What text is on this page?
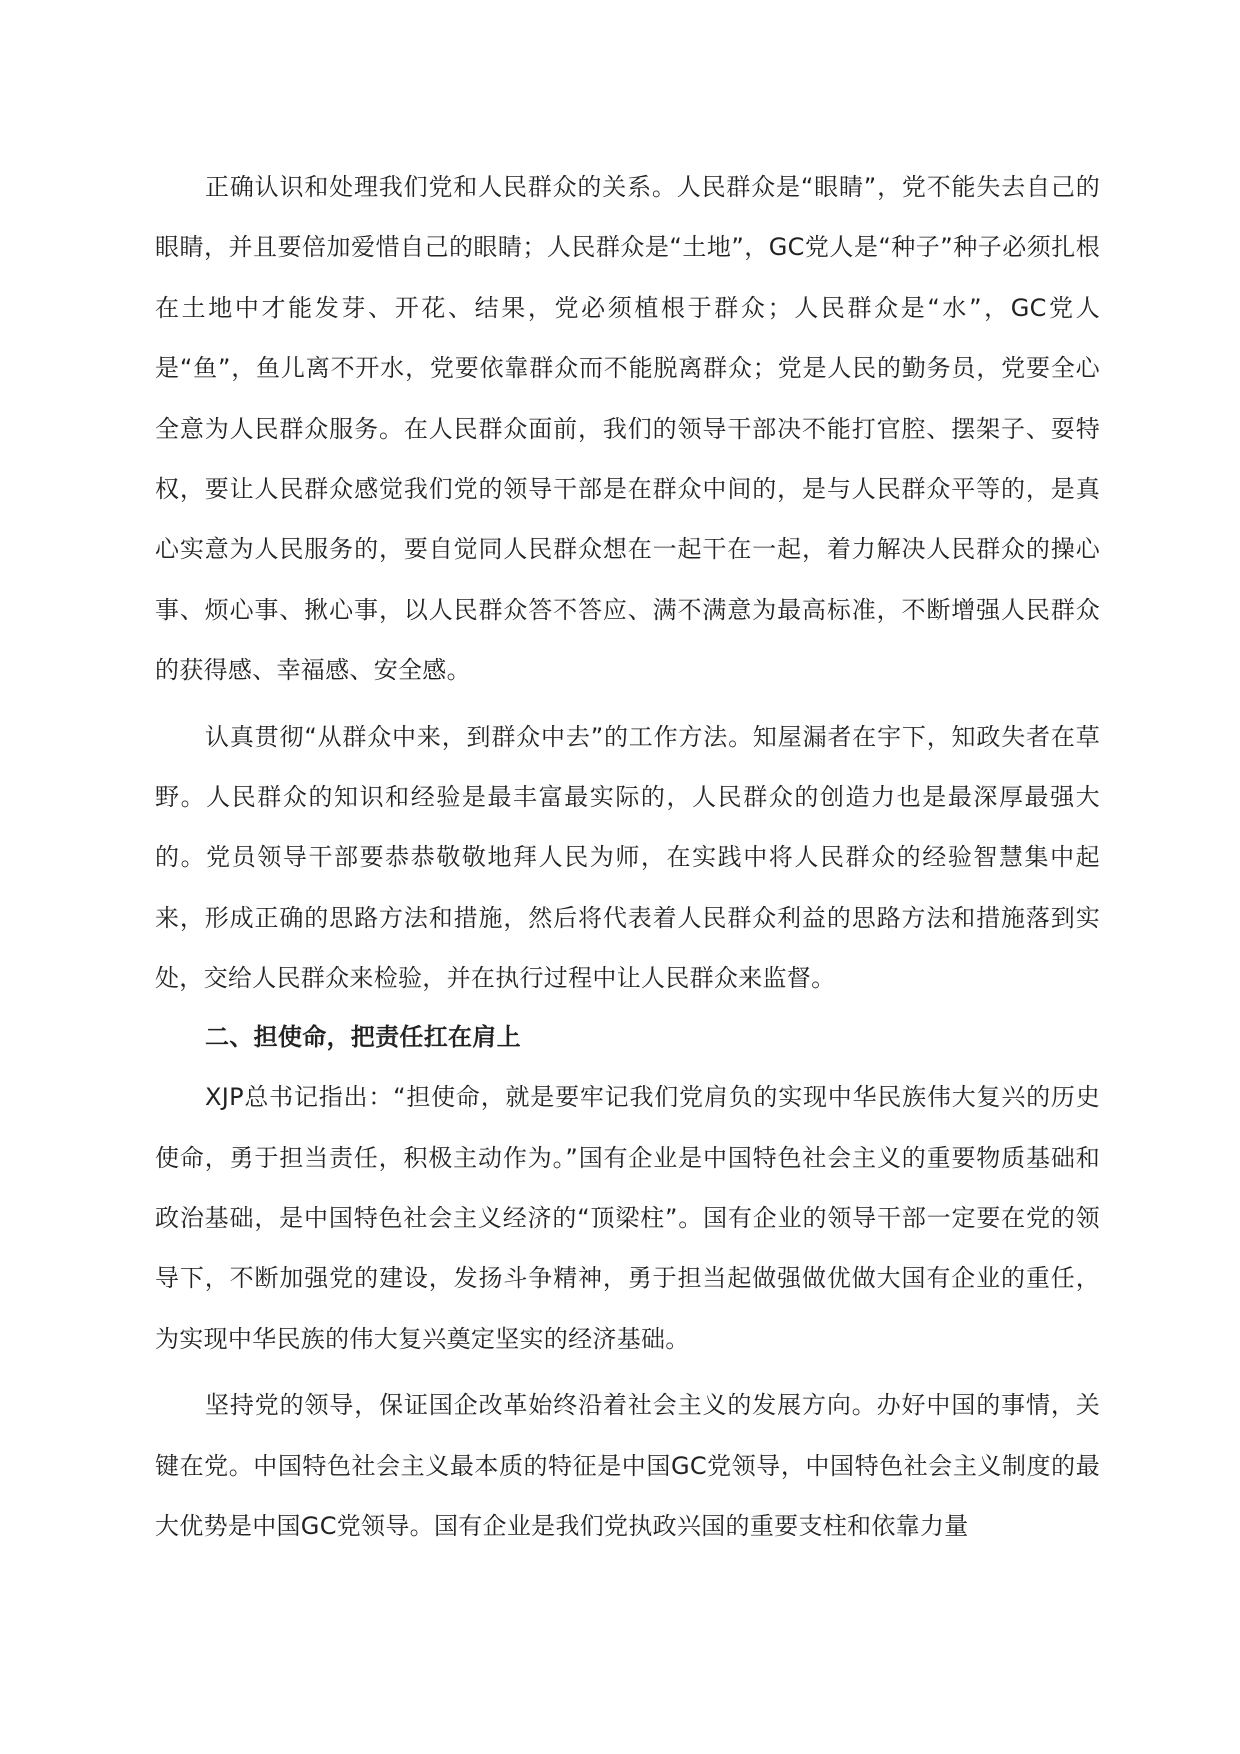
正确认识和处理我们党和人民群众的关系。人民群众是“眼睛”，党不能失去自己的眼睛，并且要倍加爱惜自己的眼睛；人民群众是“土地”，GC党人是“种子”种子必须扎根在土地中才能发芽、开花、结果，党必须植根于群众；人民群众是“水”，GC党人是“鱼”，鱼儿离不开水，党要依靠群众而不能脱离群众；党是人民的勤务员，党要全心全意为人民群众服务。在人民群众面前，我们的领导干部决不能打官腔、摆架子、耍特权，要让人民群众感觉我们党的领导干部是在群众中间的，是与人民群众平等的，是真心实意为人民服务的，要自觉同人民群众想在一起干在一起，着力解决人民群众的操心事、烦心事、揪心事，以人民群众答不答应、满不满意为最高标准，不断增强人民群众的获得感、幸福感、安全感。

认真贯彻“从群众中来，到群众中去”的工作方法。知屋漏者在宇下，知政失者在草野。人民群众的知识和经验是最丰富最实际的，人民群众的创造力也是最深厚最强大的。党员领导干部要恭恭敬敬地拜人民为师，在实践中将人民群众的经验智慧集中起来，形成正确的思路方法和措施，然后将代表着人民群众利益的思路方法和措施落到实处，交给人民群众来检验，并在执行过程中让人民群众来监督。

二、担使命，把责任扛在肩上

XJP总书记指出：“担使命，就是要牢记我们党肩负的实现中华民族伟大复兴的历史使命，勇于担当责任，积极主动作为。”国有企业是中国特色社会主义的重要物质基础和政治基础，是中国特色社会主义经济的“顶梁柱”。国有企业的领导干部一定要在党的领导下，不断加强党的建设，发扬斗争精神，勇于担当起做强做优做大国有企业的重任，为实现中华民族的伟大复兴奠定坚实的经济基础。

坚持党的领导，保证国企改革始终沿着社会主义的发展方向。办好中国的事情，关键在党。中国特色社会主义最本质的特征是中国GC党领导，中国特色社会主义制度的最大优势是中国GC党领导。国有企业是我们党执政兴国的重要支柱和依靠力量
